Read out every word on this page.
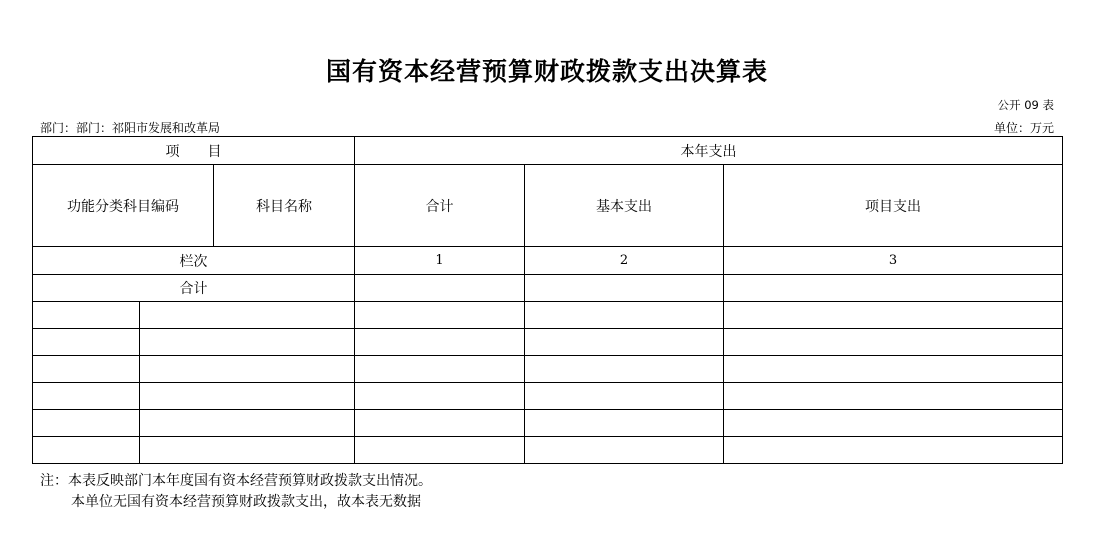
国有资本经营预算财政拨款支出决算表
公开 09 表
部门：部门：祁阳市发展和改革局	单位：万元
项　　目			本年支出		
功能分类科目编码		科目名称	合计	基本支出	项目支出
栏次			1	2	3
合计					

注：本表反映部门本年度国有资本经营预算财政拨款支出情况。
本单位无国有资本经营预算财政拨款支出，故本表无数据
